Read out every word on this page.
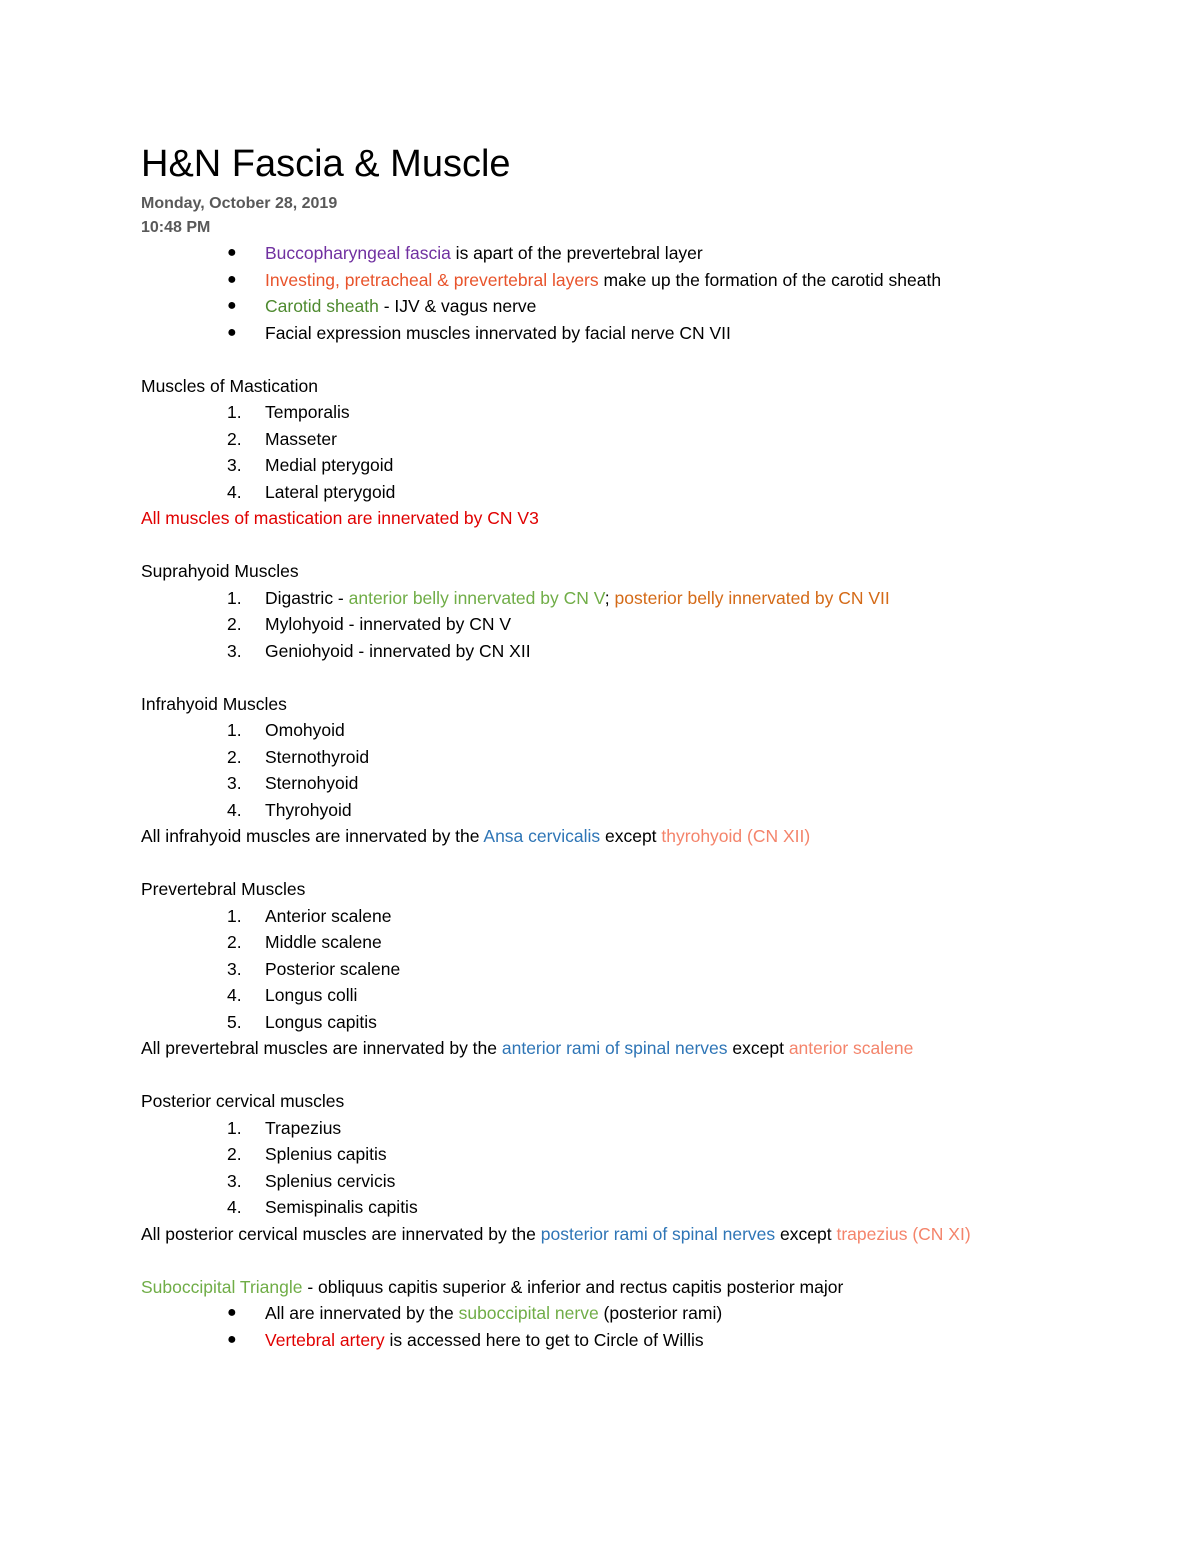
H&N Fascia & Muscle
Monday, October 28, 2019
10:48 PM
● Buccopharyngeal fascia is apart of the prevertebral layer
● Investing, pretracheal & prevertebral layers make up the formation of the carotid sheath
● Carotid sheath - IJV & vagus nerve
● Facial expression muscles innervated by facial nerve CN VII
Muscles of Mastication
1.	Temporalis
2.	Masseter
3.	Medial pterygoid
4.	Lateral pterygoid
All muscles of mastication are innervated by CN V3
Suprahyoid Muscles
1.	Digastric - anterior belly innervated by CN V; posterior belly innervated by CN VII
2.	Mylohyoid - innervated by CN V
3.	Geniohyoid - innervated by CN XII
Infrahyoid Muscles
1.	Omohyoid
2.	Sternothyroid
3.	Sternohyoid
4.	Thyrohyoid
All infrahyoid muscles are innervated by the Ansa cervicalis except thyrohyoid (CN XII)
Prevertebral Muscles
1.	Anterior scalene
2.	Middle scalene
3.	Posterior scalene
4.	Longus colli
5.	Longus capitis
All prevertebral muscles are innervated by the anterior rami of spinal nerves except anterior scalene
Posterior cervical muscles
1.	Trapezius
2.	Splenius capitis
3.	Splenius cervicis
4.	Semispinalis capitis
All posterior cervical muscles are innervated by the posterior rami of spinal nerves except trapezius (CN XI)
Suboccipital Triangle - obliquus capitis superior & inferior and rectus capitis posterior major
● All are innervated by the suboccipital nerve (posterior rami)
● Vertebral artery is accessed here to get to Circle of Willis
